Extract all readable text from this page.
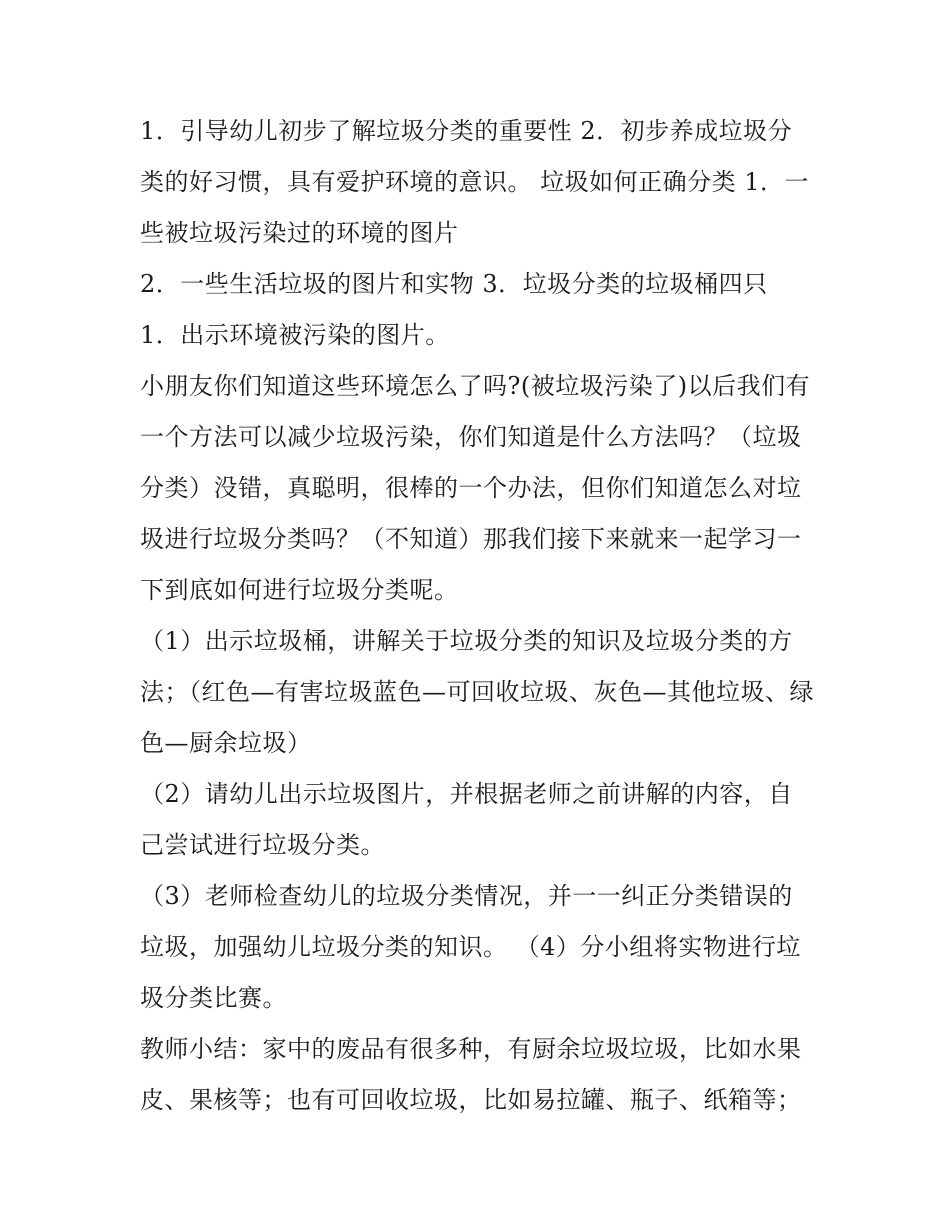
1．引导幼儿初步了解垃圾分类的重要性 2．初步养成垃圾分类的好习惯，具有爱护环境的意识。 垃圾如何正确分类 1．一些被垃圾污染过的环境的图片

2．一些生活垃圾的图片和实物 3．垃圾分类的垃圾桶四只 1．出示环境被污染的图片。

小朋友你们知道这些环境怎么了吗?(被垃圾污染了)以后我们有一个方法可以减少垃圾污染，你们知道是什么方法吗？（垃圾分类）没错，真聪明，很棒的一个办法，但你们知道怎么对垃圾进行垃圾分类吗？（不知道）那我们接下来就来一起学习一下到底如何进行垃圾分类呢。

（1）出示垃圾桶，讲解关于垃圾分类的知识及垃圾分类的方法；（红色—有害垃圾蓝色—可回收垃圾、灰色—其他垃圾、绿色—厨余垃圾）

（2）请幼儿出示垃圾图片，并根据老师之前讲解的内容，自己尝试进行垃圾分类。

（3）老师检查幼儿的垃圾分类情况，并一一纠正分类错误的垃圾，加强幼儿垃圾分类的知识。 （4）分小组将实物进行垃圾分类比赛。

教师小结：家中的废品有很多种，有厨余垃圾垃圾，比如水果皮、果核等；也有可回收垃圾，比如易拉罐、瓶子、纸箱等；
